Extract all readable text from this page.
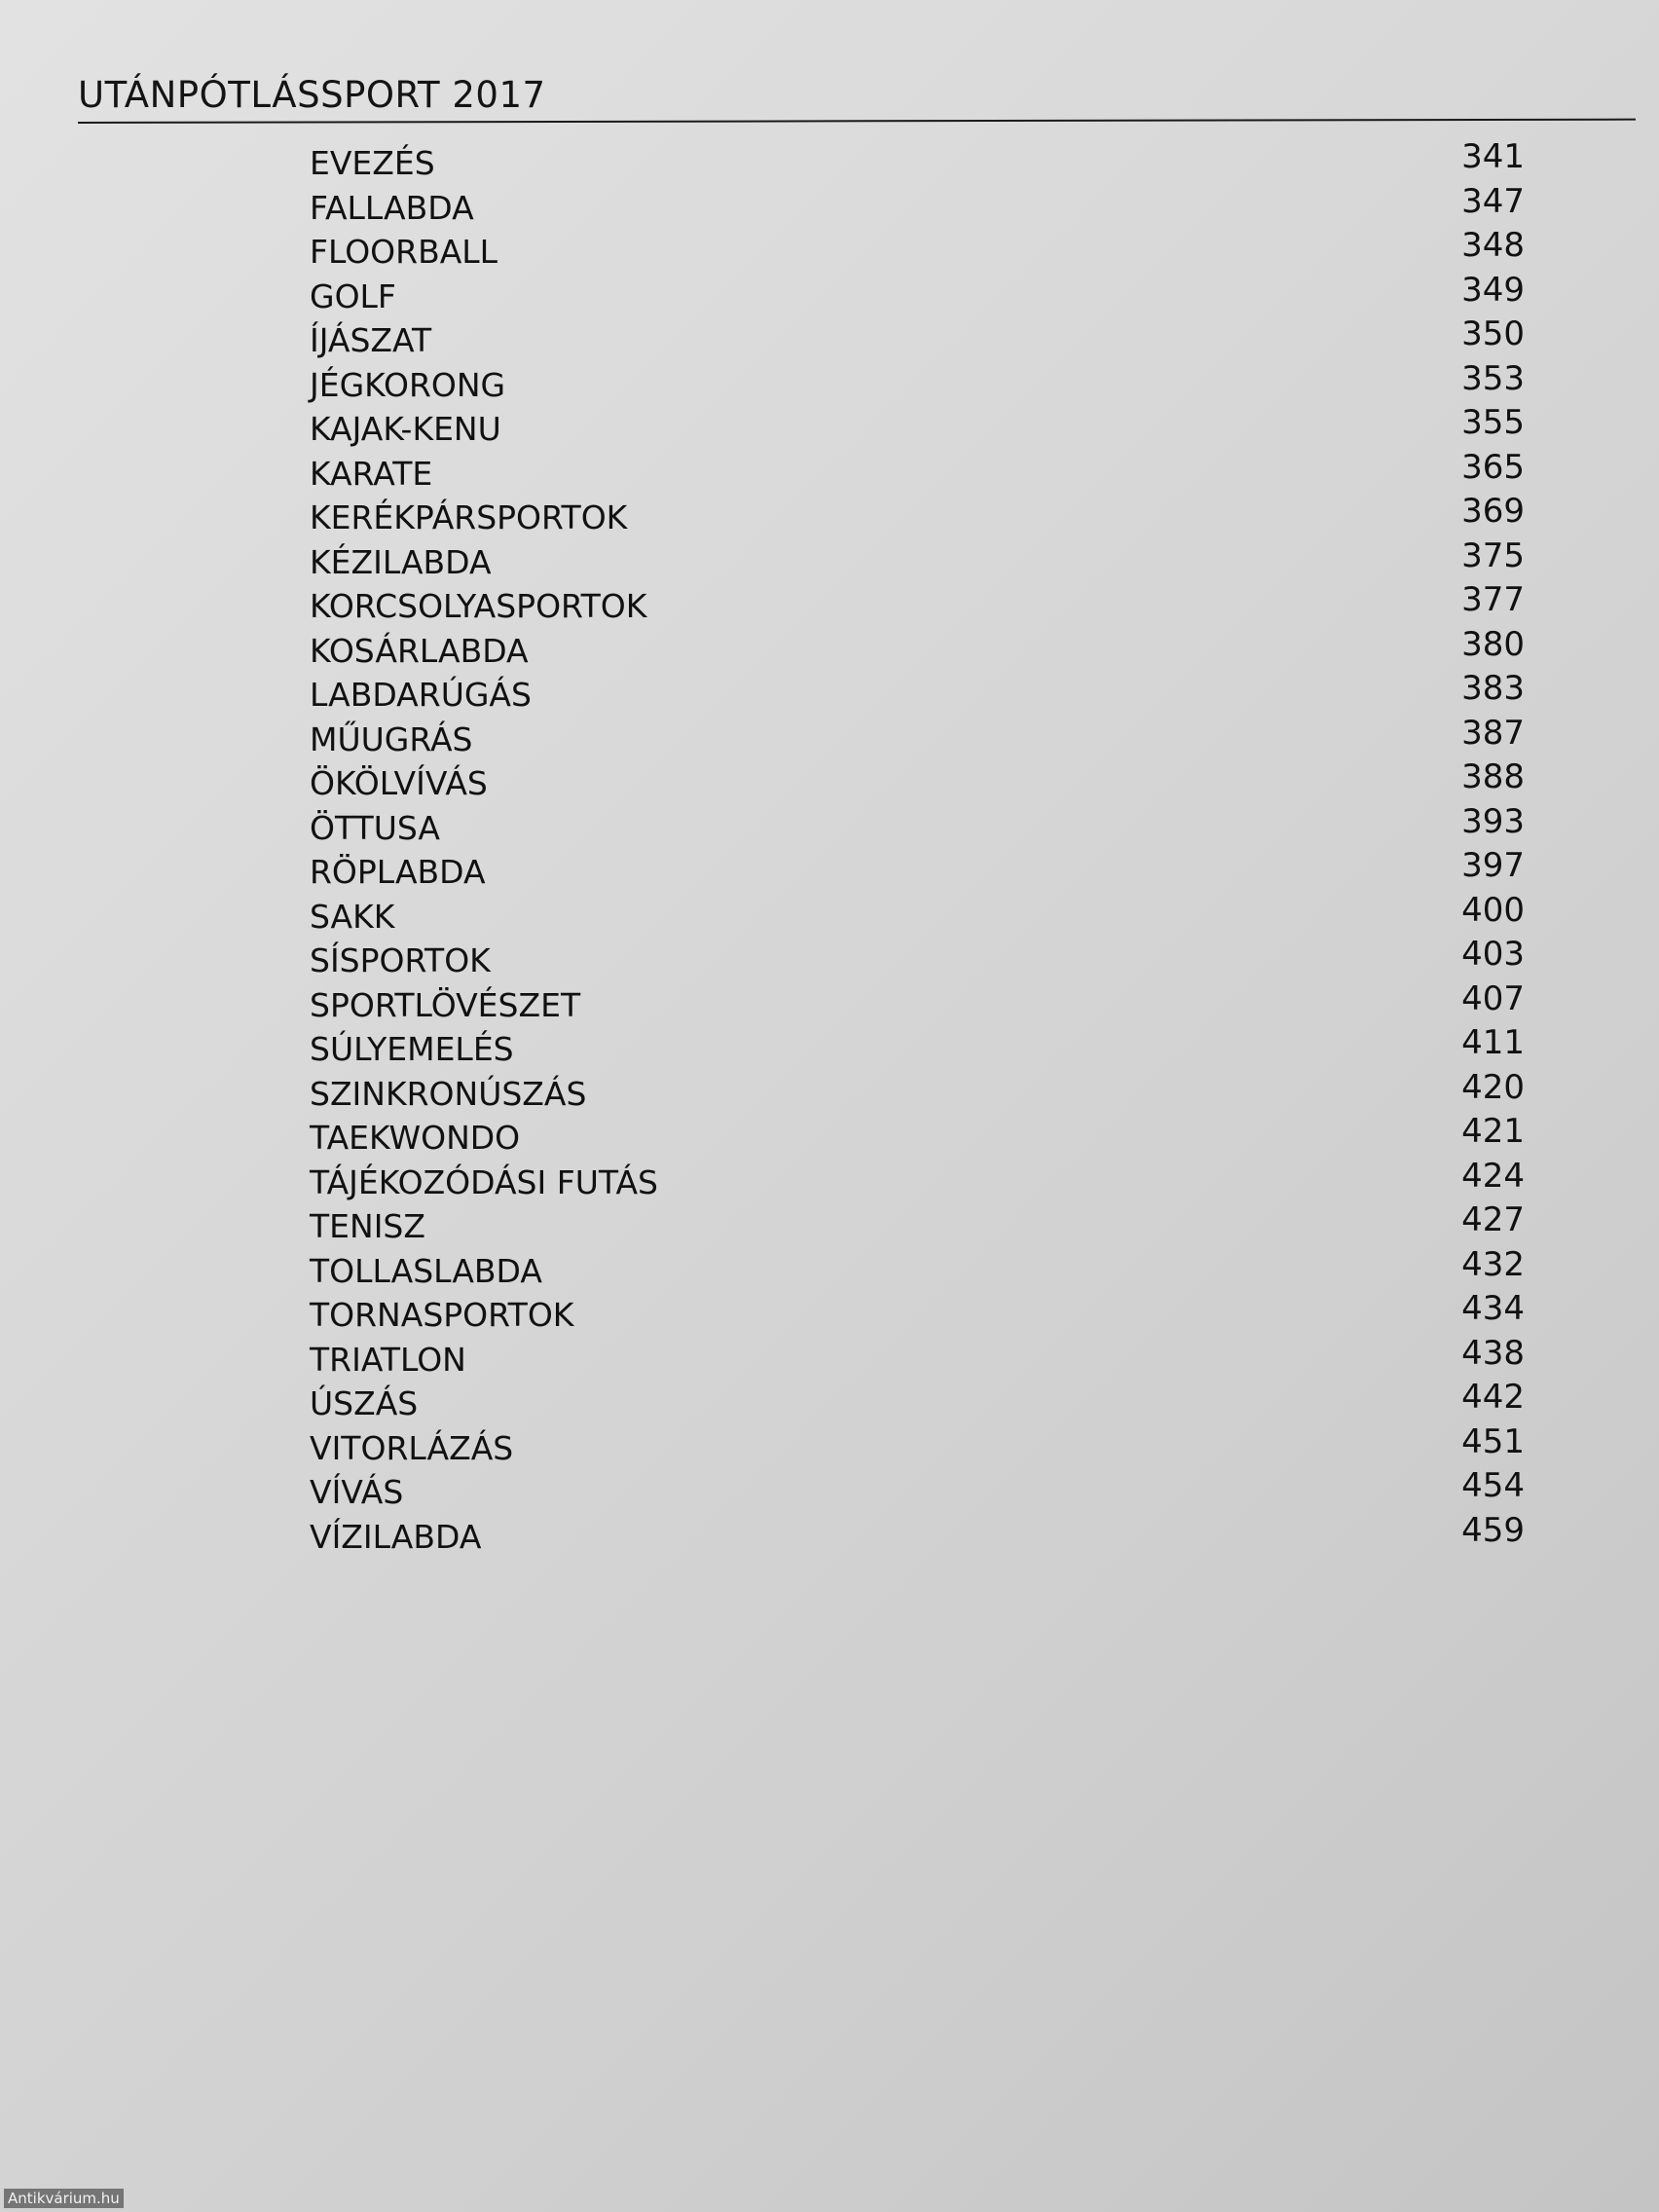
UTÁNPÓTLÁSSPORT 2017
EVEZÉS	341
FALLABDA	347
FLOORBALL	348
GOLF	349
ÍJÁSZAT	350
JÉGKORONG	353
KAJAK-KENU	355
KARATE	365
KERÉKPÁRSPORTOK	369
KÉZILABDA	375
KORCSOLYASPORTOK	377
KOSÁRLABDA	380
LABDARÚGÁS	383
MŰUGRÁS	387
ÖKÖLVÍVÁS	388
ÖTTUSA	393
RÖPLABDA	397
SAKK	400
SÍSPORTOK	403
SPORTLÖVÉSZET	407
SÚLYEMELÉS	411
SZINKRONÚSZÁS	420
TAEKWONDO	421
TÁJÉKOZÓDÁSI FUTÁS	424
TENISZ	427
TOLLASLABDA	432
TORNASPORTOK	434
TRIATLON	438
ÚSZÁS	442
VITORLÁZÁS	451
VÍVÁS	454
VÍZILABDA	459
Antikvárium.hu
